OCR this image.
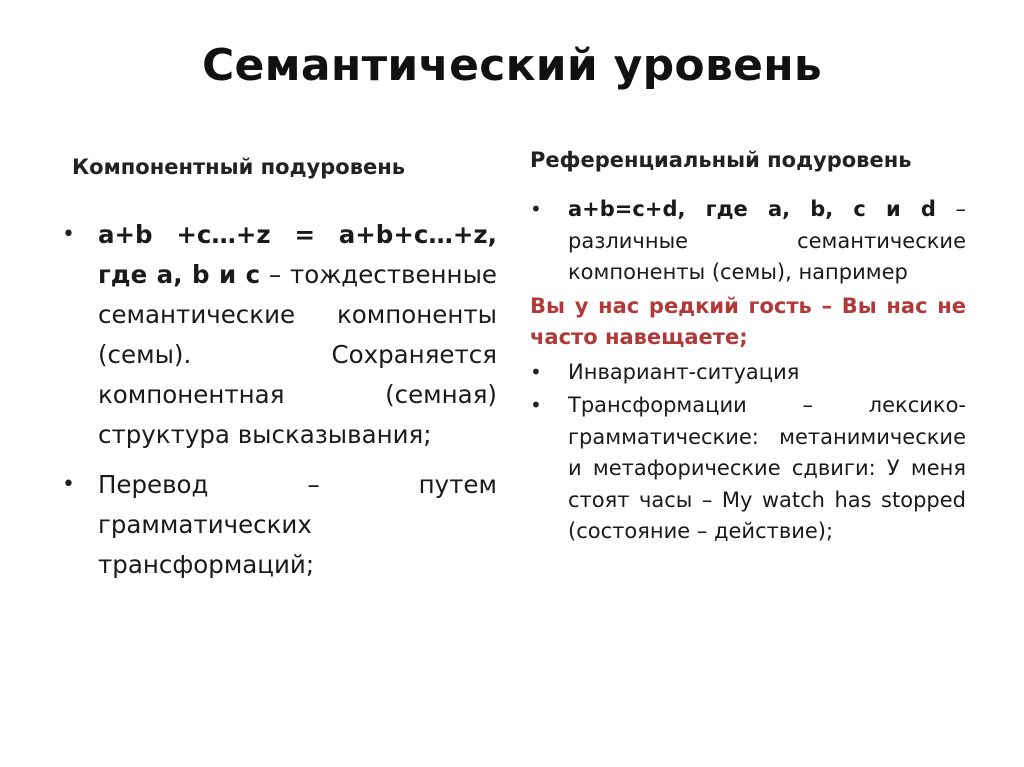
Семантический уровень
Компонентный подуровень
• a+b +c…+z = a+b+c…+z, где a, b и c – тождественные семантические компоненты (семы). Сохраняется компонентная (семная) структура высказывания;
• Перевод – путем грамматических трансформаций;
Референциальный подуровень
• a+b=c+d, где a, b, c и d – различные семантические компоненты (семы), например
Вы у нас редкий гость – Вы нас не часто навещаете;
• Инвариант-ситуация
• Трансформации – лексико-грамматические: метанимические и метафорические сдвиги: У меня стоят часы – My watch has stopped (состояние – действие);
